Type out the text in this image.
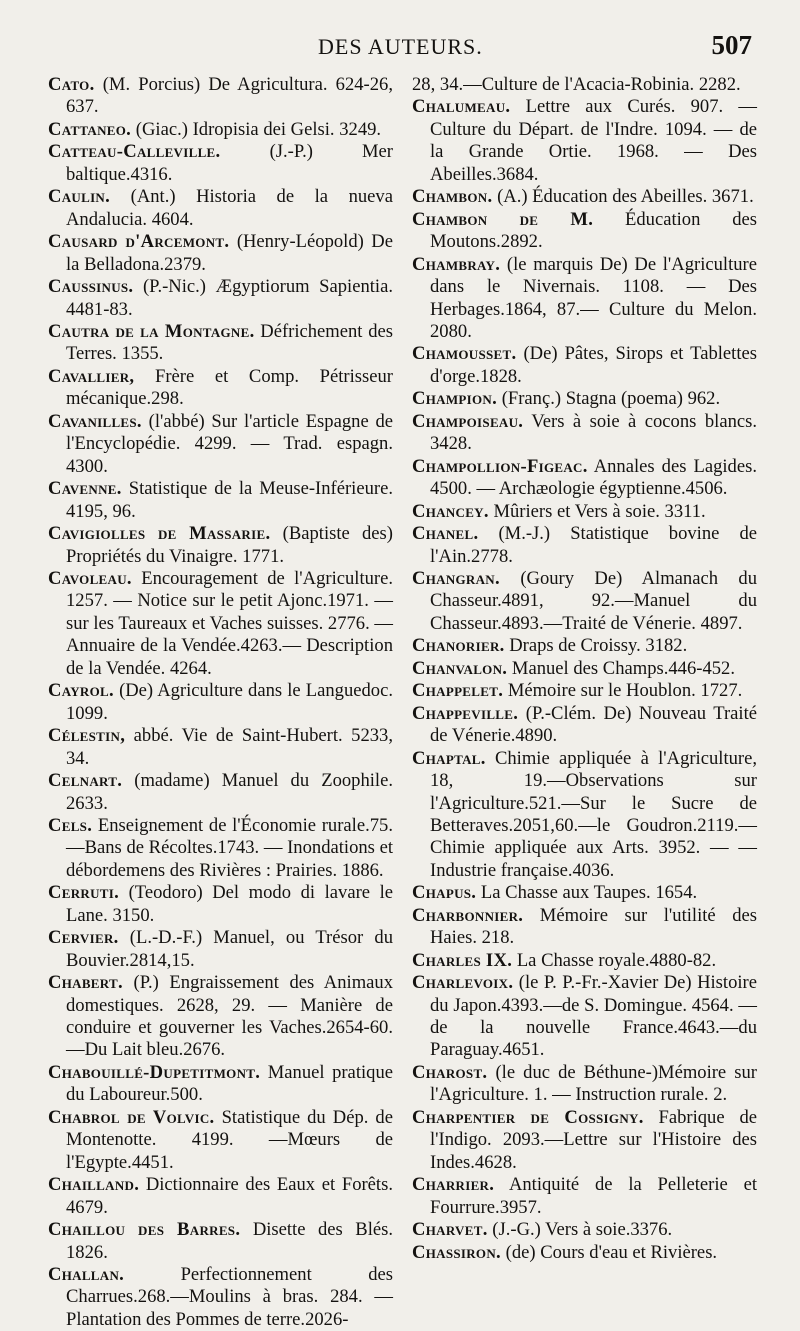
DES AUTEURS.	507
Cato. (M. Porcius) De Agricultura. 624-26, 637.
Cattaneo. (Giac.) Idropisia dei Gelsi. 3249.
Catteau-Calleville.	(J.-P.) Mer baltique.4316.
Caulin. (Ant.) Historia de la nueva Andalucia. 4604.
Causard d'Arcemont. (Henry-Léopold) De la Belladona.2379.
Caussinus. (P.-Nic.) Ægyptiorum Sapientia. 4481-83.
Cautra de la Montagne. Défrichement des Terres. 1355.
Cavallier, Frère et Comp. Pétrisseur mécanique.298.
Cavanilles. (l'abbé) Sur l'article Espagne de l'Encyclopédie. 4299. — Trad. espagn. 4300.
Cavenne. Statistique de la Meuse-Inférieure. 4195, 96.
Cavigiolles de Massarie. (Baptiste des) Propriétés du Vinaigre. 1771.
Cavoleau. Encouragement de l'Agriculture. 1257. — Notice sur le petit Ajonc.1971. — sur les Taureaux et Vaches suisses. 2776. — Annuaire de la Vendée.4263.— Description de la Vendée. 4264.
Cayrol. (De) Agriculture dans le Languedoc. 1099.
Célestin, abbé. Vie de Saint-Hubert. 5233, 34.
Celnart. (madame) Manuel du Zoophile. 2633.
Cels. Enseignement de l'Économie rurale.75.—Bans de Récoltes.1743. — Inondations et débordemens des Rivières : Prairies. 1886.
Cerruti. (Teodoro) Del modo di lavare le Lane. 3150.
Cervier. (L.-D.-F.) Manuel, ou Trésor du Bouvier.2814,15.
Chabert. (P.) Engraissement des Animaux domestiques. 2628, 29. — Manière de conduire et gouverner les Vaches.2654-60.—Du Lait bleu.2676.
Chabouillé-Dupetitmont. Manuel pratique du Laboureur.500.
Chabrol de Volvic. Statistique du Dép. de Montenotte. 4199. —Mœurs de l'Egypte.4451.
Chailland. Dictionnaire des Eaux et Forêts. 4679.
Chaillou des Barres. Disette des Blés. 1826.
Challan.	Perfectionnement des Charrues.268.—Moulins à bras. 284. — Plantation des Pommes de terre.2026-
28, 34.—Culture de l'Acacia-Robinia. 2282.
Chalumeau. Lettre aux Curés. 907. — Culture du Départ. de l'Indre. 1094. — de la Grande Ortie. 1968. — Des Abeilles.3684.
Chambon. (A.) Éducation des Abeilles. 3671.
Chambon de M. Éducation des Moutons.2892.
Chambray. (le marquis De) De l'Agriculture dans le Nivernais. 1108. — Des Herbages.1864, 87.— Culture du Melon. 2080.
Chamousset. (De) Pâtes, Sirops et Tablettes d'orge.1828.
Champion. (Franç.) Stagna (poema) 962.
Champoiseau. Vers à soie à cocons blancs. 3428.
Champollion-Figeac. Annales des Lagides. 4500. — Archæologie égyptienne.4506.
Chancey. Mûriers et Vers à soie. 3311.
Chanel. (M.-J.) Statistique bovine de l'Ain.2778.
Changran. (Goury De) Almanach du Chasseur.4891, 92.—Manuel du Chasseur.4893.—Traité de Vénerie. 4897.
Chanorier. Draps de Croissy. 3182.
Chanvalon. Manuel des Champs.446-452.
Chappelet. Mémoire sur le Houblon. 1727.
Chappeville. (P.-Clém. De) Nouveau Traité de Vénerie.4890.
Chaptal. Chimie appliquée à l'Agriculture, 18, 19.—Observations sur l'Agriculture.521.—Sur le Sucre de Betteraves.2051,60.—le Goudron.2119.— Chimie appliquée aux Arts. 3952. — —Industrie française.4036.
Chapus. La Chasse aux Taupes. 1654.
Charbonnier. Mémoire sur l'utilité des Haies. 218.
Charles IX. La Chasse royale.4880-82.
Charlevoix. (le P. P.-Fr.-Xavier De) Histoire du Japon.4393.—de S. Domingue. 4564. — de la nouvelle France.4643.—du Paraguay.4651.
Charost. (le duc de Béthune-)Mémoire sur l'Agriculture. 1. — Instruction rurale. 2.
Charpentier de Cossigny. Fabrique de l'Indigo. 2093.—Lettre sur l'Histoire des Indes.4628.
Charrier. Antiquité de la Pelleterie et Fourrure.3957.
Charvet. (J.-G.) Vers à soie.3376.
Chassiron. (de) Cours d'eau et Rivières.
